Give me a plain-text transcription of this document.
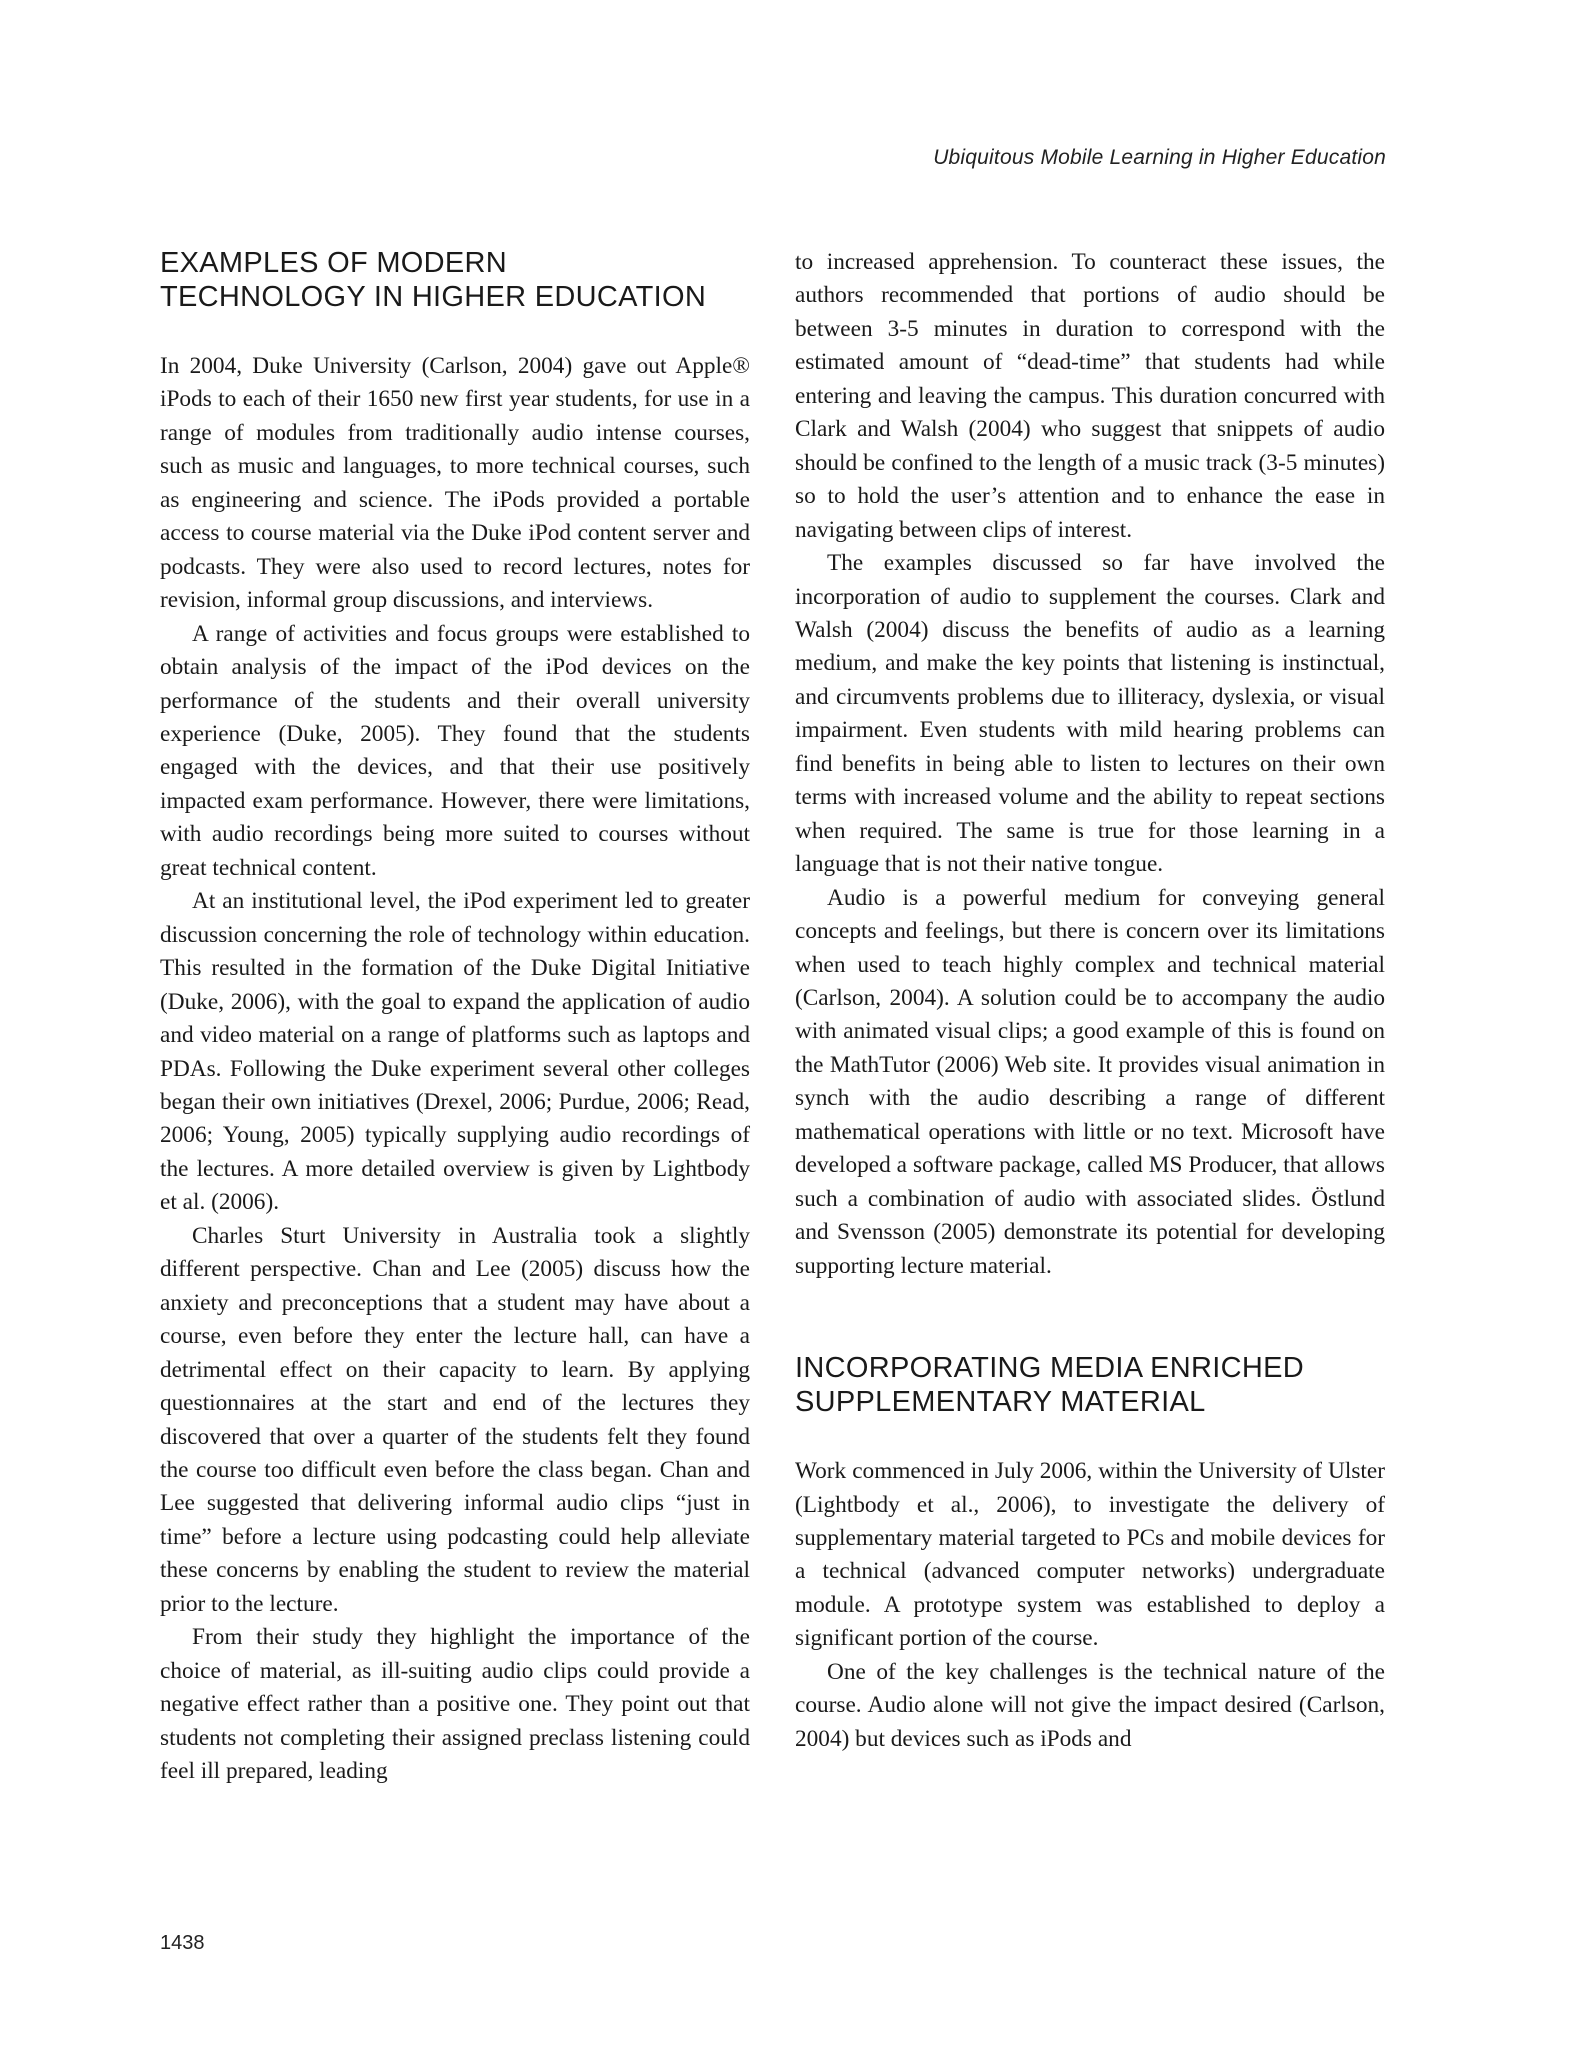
Ubiquitous Mobile Learning in Higher Education
EXAMPLES OF MODERN
TECHNOLOGY IN HIGHER EDUCATION

In 2004, Duke University (Carlson, 2004) gave out Apple® iPods to each of their 1650 new first year students, for use in a range of modules from traditionally audio intense courses, such as music and languages, to more technical courses, such as engineering and science. The iPods provided a portable access to course material via the Duke iPod content server and podcasts. They were also used to record lectures, notes for revision, informal group discussions, and interviews.

A range of activities and focus groups were established to obtain analysis of the impact of the iPod devices on the performance of the students and their overall university experience (Duke, 2005). They found that the students engaged with the devices, and that their use positively impacted exam performance. However, there were limitations, with audio recordings being more suited to courses without great technical content.

At an institutional level, the iPod experiment led to greater discussion concerning the role of technology within education. This resulted in the formation of the Duke Digital Initiative (Duke, 2006), with the goal to expand the application of audio and video material on a range of platforms such as laptops and PDAs. Following the Duke experiment several other colleges began their own initiatives (Drexel, 2006; Purdue, 2006; Read, 2006; Young, 2005) typically supplying audio recordings of the lectures. A more detailed overview is given by Lightbody et al. (2006).

Charles Sturt University in Australia took a slightly different perspective. Chan and Lee (2005) discuss how the anxiety and preconceptions that a student may have about a course, even before they enter the lecture hall, can have a detrimental effect on their capacity to learn. By applying questionnaires at the start and end of the lectures they discovered that over a quarter of the students felt they found the course too difficult even before the class began. Chan and Lee suggested that delivering informal audio clips “just in time” before a lecture using podcasting could help alleviate these concerns by enabling the student to review the material prior to the lecture.

From their study they highlight the importance of the choice of material, as ill-suiting audio clips could provide a negative effect rather than a positive one. They point out that students not completing their assigned preclass listening could feel ill prepared, leading

to increased apprehension. To counteract these issues, the authors recommended that portions of audio should be between 3-5 minutes in duration to correspond with the estimated amount of “dead-time” that students had while entering and leaving the campus. This duration concurred with Clark and Walsh (2004) who suggest that snippets of audio should be confined to the length of a music track (3-5 minutes) so to hold the user’s attention and to enhance the ease in navigating between clips of interest.

The examples discussed so far have involved the incorporation of audio to supplement the courses. Clark and Walsh (2004) discuss the benefits of audio as a learning medium, and make the key points that listening is instinctual, and circumvents problems due to illiteracy, dyslexia, or visual impairment. Even students with mild hearing problems can find benefits in being able to listen to lectures on their own terms with increased volume and the ability to repeat sections when required. The same is true for those learning in a language that is not their native tongue.

Audio is a powerful medium for conveying general concepts and feelings, but there is concern over its limitations when used to teach highly complex and technical material (Carlson, 2004). A solution could be to accompany the audio with animated visual clips; a good example of this is found on the MathTutor (2006) Web site. It provides visual animation in synch with the audio describing a range of different mathematical operations with little or no text. Microsoft have developed a software package, called MS Producer, that allows such a combination of audio with associated slides. Östlund and Svensson (2005) demonstrate its potential for developing supporting lecture material.

INCORPORATING MEDIA ENRICHED
SUPPLEMENTARY MATERIAL

Work commenced in July 2006, within the University of Ulster (Lightbody et al., 2006), to investigate the delivery of supplementary material targeted to PCs and mobile devices for a technical (advanced computer networks) undergraduate module. A prototype system was established to deploy a significant portion of the course.

One of the key challenges is the technical nature of the course. Audio alone will not give the impact desired (Carlson, 2004) but devices such as iPods and

1438
